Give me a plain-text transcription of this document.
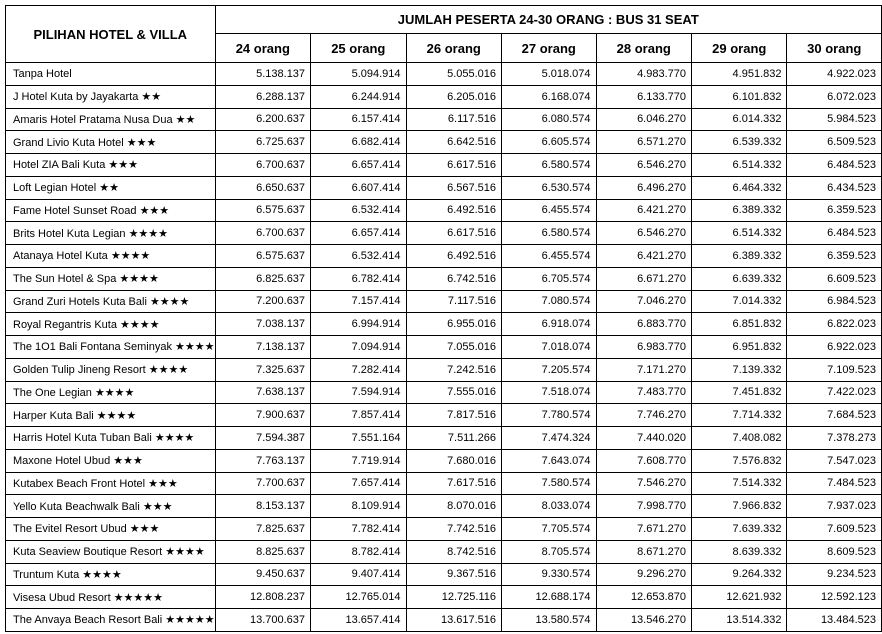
PILIHAN HOTEL & VILLA	JUMLAH PESERTA 24-30 ORANG : BUS 31 SEAT						
	24 orang	25 orang	26 orang	27 orang	28 orang	29 orang	30 orang
Tanpa Hotel	5.138.137	5.094.914	5.055.016	5.018.074	4.983.770	4.951.832	4.922.023
J Hotel Kuta by Jayakarta ★★	6.288.137	6.244.914	6.205.016	6.168.074	6.133.770	6.101.832	6.072.023
Amaris Hotel Pratama Nusa Dua ★★	6.200.637	6.157.414	6.117.516	6.080.574	6.046.270	6.014.332	5.984.523
Grand Livio Kuta Hotel ★★★	6.725.637	6.682.414	6.642.516	6.605.574	6.571.270	6.539.332	6.509.523
Hotel ZIA Bali Kuta ★★★	6.700.637	6.657.414	6.617.516	6.580.574	6.546.270	6.514.332	6.484.523
Loft Legian Hotel ★★	6.650.637	6.607.414	6.567.516	6.530.574	6.496.270	6.464.332	6.434.523
Fame Hotel Sunset Road ★★★	6.575.637	6.532.414	6.492.516	6.455.574	6.421.270	6.389.332	6.359.523
Brits Hotel Kuta Legian ★★★★	6.700.637	6.657.414	6.617.516	6.580.574	6.546.270	6.514.332	6.484.523
Atanaya Hotel Kuta ★★★★	6.575.637	6.532.414	6.492.516	6.455.574	6.421.270	6.389.332	6.359.523
The Sun Hotel & Spa ★★★★	6.825.637	6.782.414	6.742.516	6.705.574	6.671.270	6.639.332	6.609.523
Grand Zuri Hotels Kuta Bali ★★★★	7.200.637	7.157.414	7.117.516	7.080.574	7.046.270	7.014.332	6.984.523
Royal Regantris Kuta ★★★★	7.038.137	6.994.914	6.955.016	6.918.074	6.883.770	6.851.832	6.822.023
The 1O1 Bali Fontana Seminyak ★★★★	7.138.137	7.094.914	7.055.016	7.018.074	6.983.770	6.951.832	6.922.023
Golden Tulip Jineng Resort ★★★★	7.325.637	7.282.414	7.242.516	7.205.574	7.171.270	7.139.332	7.109.523
The One Legian ★★★★	7.638.137	7.594.914	7.555.016	7.518.074	7.483.770	7.451.832	7.422.023
Harper Kuta Bali ★★★★	7.900.637	7.857.414	7.817.516	7.780.574	7.746.270	7.714.332	7.684.523
Harris Hotel Kuta Tuban Bali ★★★★	7.594.387	7.551.164	7.511.266	7.474.324	7.440.020	7.408.082	7.378.273
Maxone Hotel Ubud ★★★	7.763.137	7.719.914	7.680.016	7.643.074	7.608.770	7.576.832	7.547.023
Kutabex Beach Front Hotel ★★★	7.700.637	7.657.414	7.617.516	7.580.574	7.546.270	7.514.332	7.484.523
Yello Kuta Beachwalk Bali ★★★	8.153.137	8.109.914	8.070.016	8.033.074	7.998.770	7.966.832	7.937.023
The Evitel Resort Ubud ★★★	7.825.637	7.782.414	7.742.516	7.705.574	7.671.270	7.639.332	7.609.523
Kuta Seaview Boutique Resort ★★★★	8.825.637	8.782.414	8.742.516	8.705.574	8.671.270	8.639.332	8.609.523
Truntum Kuta ★★★★	9.450.637	9.407.414	9.367.516	9.330.574	9.296.270	9.264.332	9.234.523
Visesa Ubud Resort ★★★★★	12.808.237	12.765.014	12.725.116	12.688.174	12.653.870	12.621.932	12.592.123
The Anvaya Beach Resort Bali ★★★★★	13.700.637	13.657.414	13.617.516	13.580.574	13.546.270	13.514.332	13.484.523
